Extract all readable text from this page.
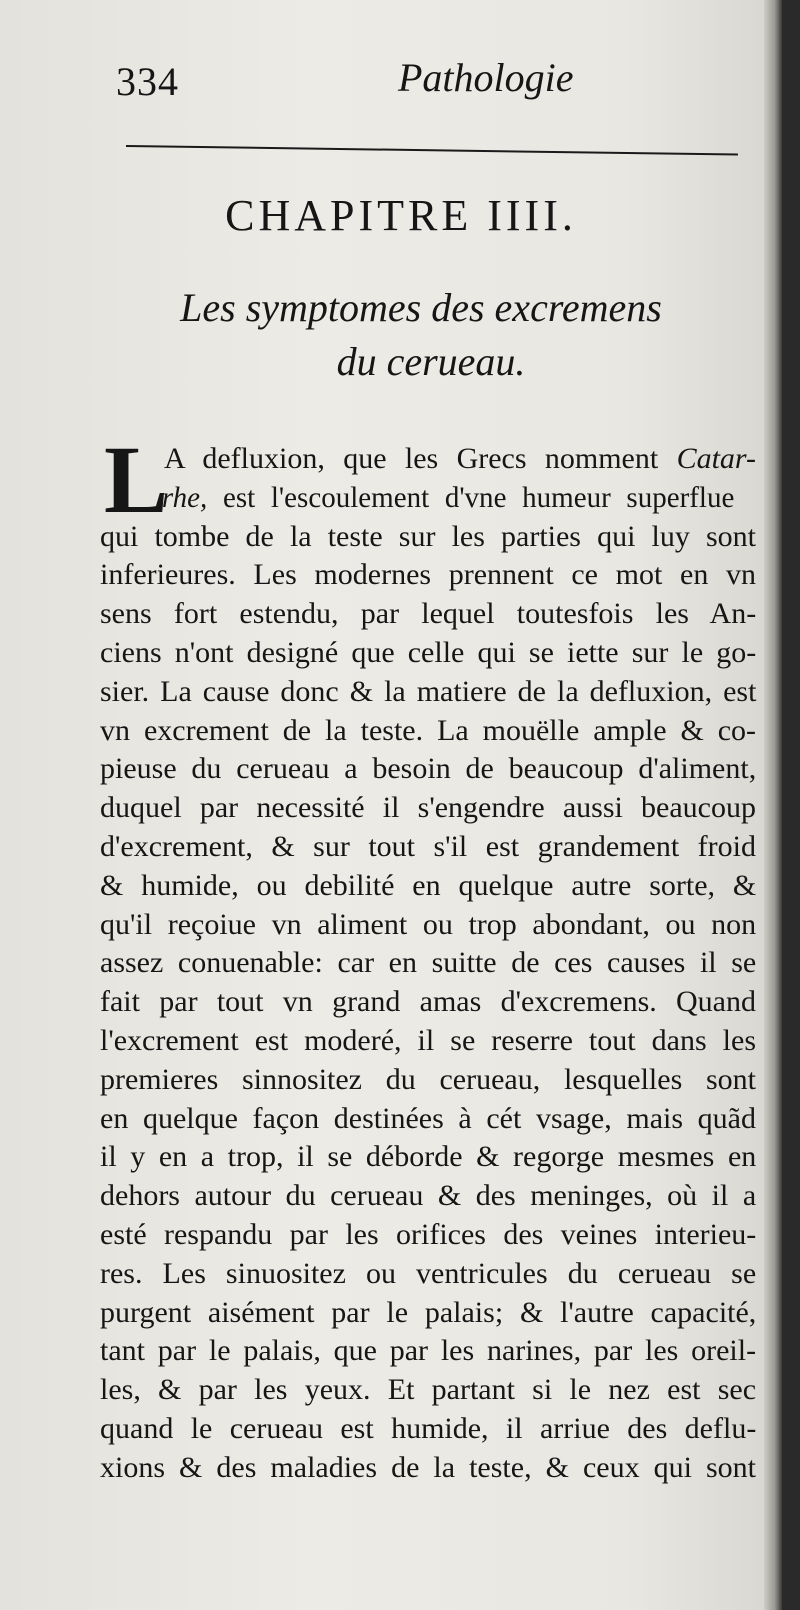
334	Pathologie
CHAPITRE IIII.
Les symptomes des excremens
du cerueau.
L
A defluxion, que les Grecs nomment Catar-
rhe, est l'escoulement d'vne humeur superflue
qui tombe de la teste sur les parties qui luy sont
inferieures. Les modernes prennent ce mot en vn
sens fort estendu, par lequel toutesfois les An-
ciens n'ont designé que celle qui se iette sur le go-
sier. La cause donc & la matiere de la defluxion, est
vn excrement de la teste. La mouëlle ample & co-
pieuse du cerueau a besoin de beaucoup d'aliment,
duquel par necessité il s'engendre aussi beaucoup
d'excrement, & sur tout s'il est grandement froid
& humide, ou debilité en quelque autre sorte, &
qu'il reçoiue vn aliment ou trop abondant, ou non
assez conuenable: car en suitte de ces causes il se
fait par tout vn grand amas d'excremens. Quand
l'excrement est moderé, il se reserre tout dans les
premieres sinnositez du cerueau, lesquelles sont
en quelque façon destinées à cét vsage, mais quãd
il y en a trop, il se déborde & regorge mesmes en
dehors autour du cerueau & des meninges, où il a
esté respandu par les orifices des veines interieu-
res. Les sinuositez ou ventricules du cerueau se
purgent aisément par le palais; & l'autre capacité,
tant par le palais, que par les narines, par les oreil-
les, & par les yeux. Et partant si le nez est sec
quand le cerueau est humide, il arriue des deflu-
xions & des maladies de la teste, & ceux qui sont
